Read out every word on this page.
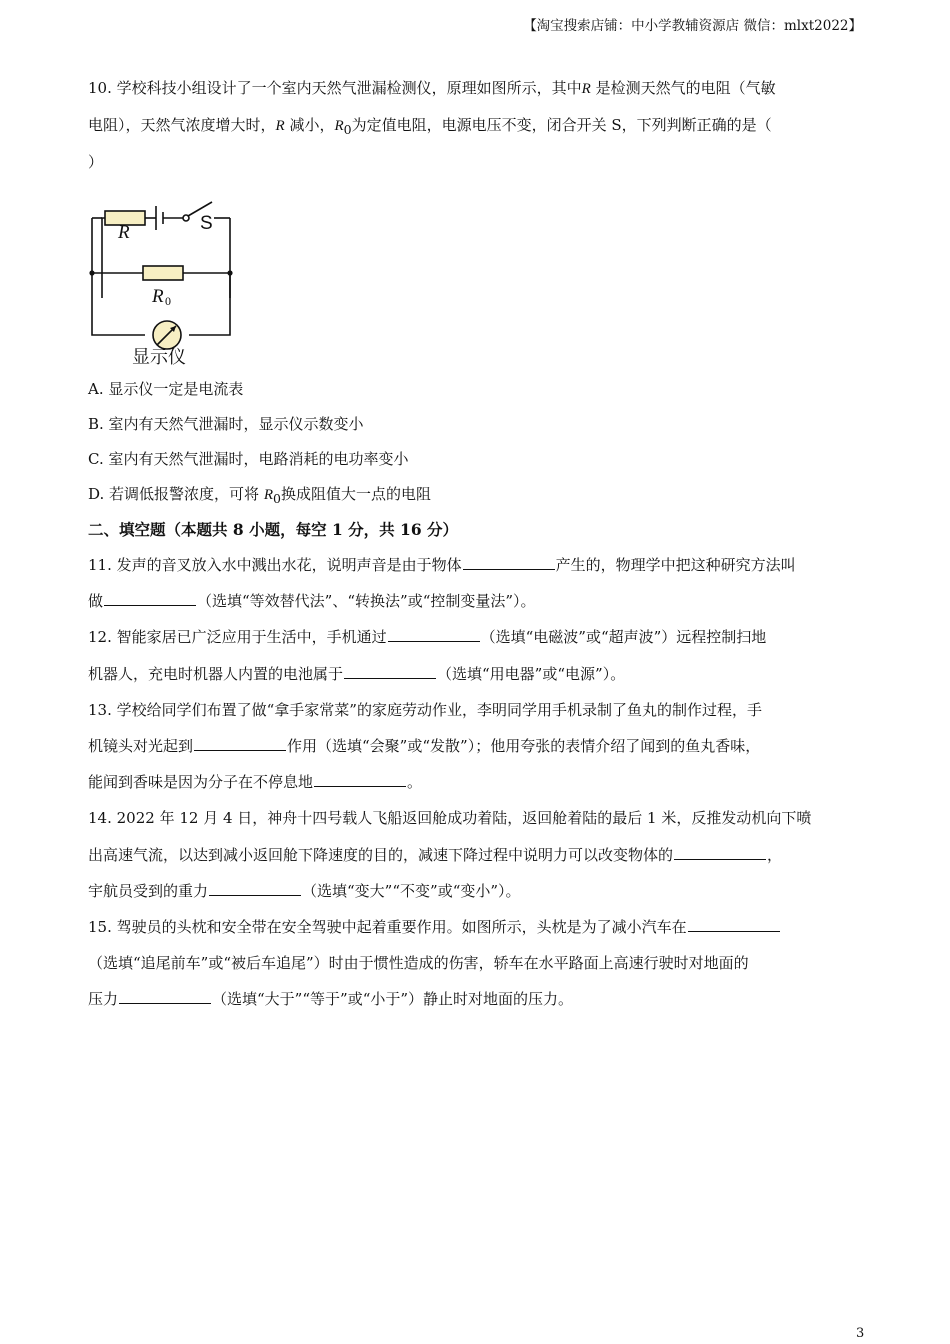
【淘宝搜索店铺：中小学教辅资源店 微信：mlxt2022】
10. 学校科技小组设计了一个室内天然气泄漏检测仪，原理如图所示，其中R 是检测天然气的电阻（气敏
电阻），天然气浓度增大时，R 减小，$R_0$为定值电阻，电源电压不变，闭合开关 S，下列判断正确的是（
）
R	S
R 0
显示仪
A. 显示仪一定是电流表
B. 室内有天然气泄漏时，显示仪示数变小
C. 室内有天然气泄漏时，电路消耗的电功率变小
D. 若调低报警浓度，可将 $R_0$换成阻值大一点的电阻
二、填空题（本题共 8 小题，每空 1 分，共 16 分）
11. 发声的音叉放入水中溅出水花，说明声音是由于物体	产生的，物理学中把这种研究方法叫
做	（选填“等效替代法”、“转换法”或“控制变量法”）。
12. 智能家居已广泛应用于生活中，手机通过	（选填“电磁波”或“超声波”）远程控制扫地
机器人，充电时机器人内置的电池属于	（选填“用电器”或“电源”）。
13. 学校给同学们布置了做“拿手家常菜”的家庭劳动作业，李明同学用手机录制了鱼丸的制作过程，手
机镜头对光起到	作用（选填“会聚”或“发散”）；他用夸张的表情介绍了闻到的鱼丸香味，
能闻到香味是因为分子在不停息地	。
14. 2022 年 12 月 4 日，神舟十四号载人飞船返回舱成功着陆，返回舱着陆的最后 1 米，反推发动机向下喷
出高速气流，以达到减小返回舱下降速度的目的，减速下降过程中说明力可以改变物体的	，
宇航员受到的重力	（选填“变大”“不变”或“变小”）。
15. 驾驶员的头枕和安全带在安全驾驶中起着重要作用。如图所示，头枕是为了减小汽车在
（选填“追尾前车”或“被后车追尾”）时由于惯性造成的伤害，轿车在水平路面上高速行驶时对地面的
压力	（选填“大于”“等于”或“小于”）静止时对地面的压力。
3
